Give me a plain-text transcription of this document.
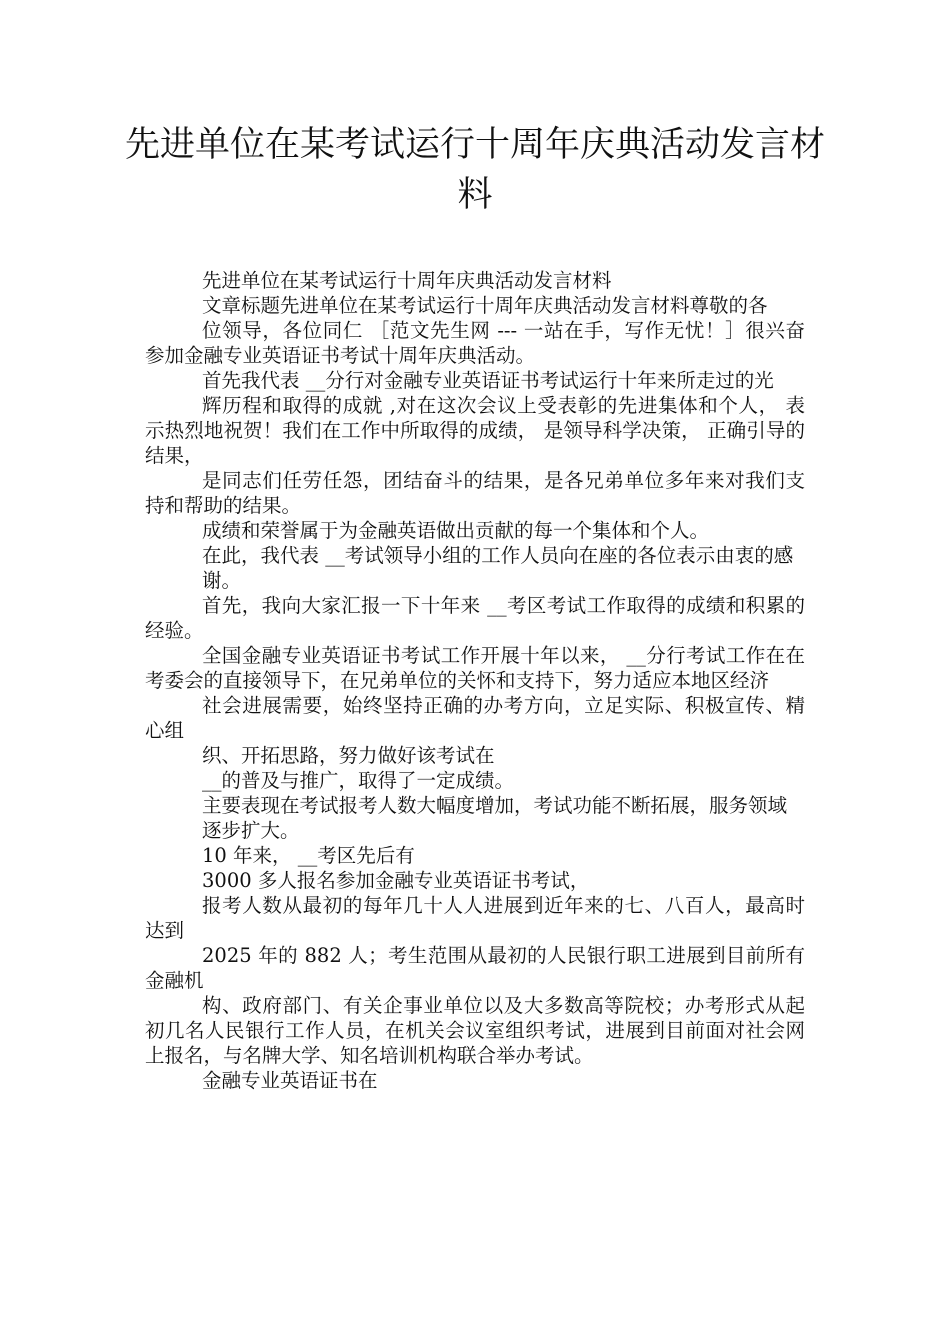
先进单位在某考试运行十周年庆典活动发言材料

先进单位在某考试运行十周年庆典活动发言材料

文章标题先进单位在某考试运行十周年庆典活动发言材料尊敬的各

位领导，各位同仁 ［范文先生网 --- 一站在手，写作无忧！］很兴奋参加金融专业英语证书考试十周年庆典活动。

首先我代表 __分行对金融专业英语证书考试运行十年来所走过的光

辉历程和取得的成就 ,对在这次会议上受表彰的先进集体和个人， 表示热烈地祝贺！我们在工作中所取得的成绩， 是领导科学决策， 正确引导的结果，

是同志们任劳任怨，团结奋斗的结果，是各兄弟单位多年来对我们支持和帮助的结果。

成绩和荣誉属于为金融英语做出贡献的每一个集体和个人。

在此，我代表 __考试领导小组的工作人员向在座的各位表示由衷的感

谢。

首先，我向大家汇报一下十年来 __考区考试工作取得的成绩和积累的经验。

全国金融专业英语证书考试工作开展十年以来， __分行考试工作在在考委会的直接领导下，在兄弟单位的关怀和支持下，努力适应本地区经济

社会进展需要，始终坚持正确的办考方向，立足实际、积极宣传、精心组

织、开拓思路，努力做好该考试在

__的普及与推广，取得了一定成绩。

主要表现在考试报考人数大幅度增加，考试功能不断拓展，服务领域

逐步扩大。

10 年来， __考区先后有

3000 多人报名参加金融专业英语证书考试，

报考人数从最初的每年几十人人进展到近年来的七、八百人，最高时达到

2025 年的 882 人；考生范围从最初的人民银行职工进展到目前所有金融机

构、政府部门、有关企事业单位以及大多数高等院校；办考形式从起初几名人民银行工作人员，在机关会议室组织考试，进展到目前面对社会网上报名，与名牌大学、知名培训机构联合举办考试。

金融专业英语证书在
